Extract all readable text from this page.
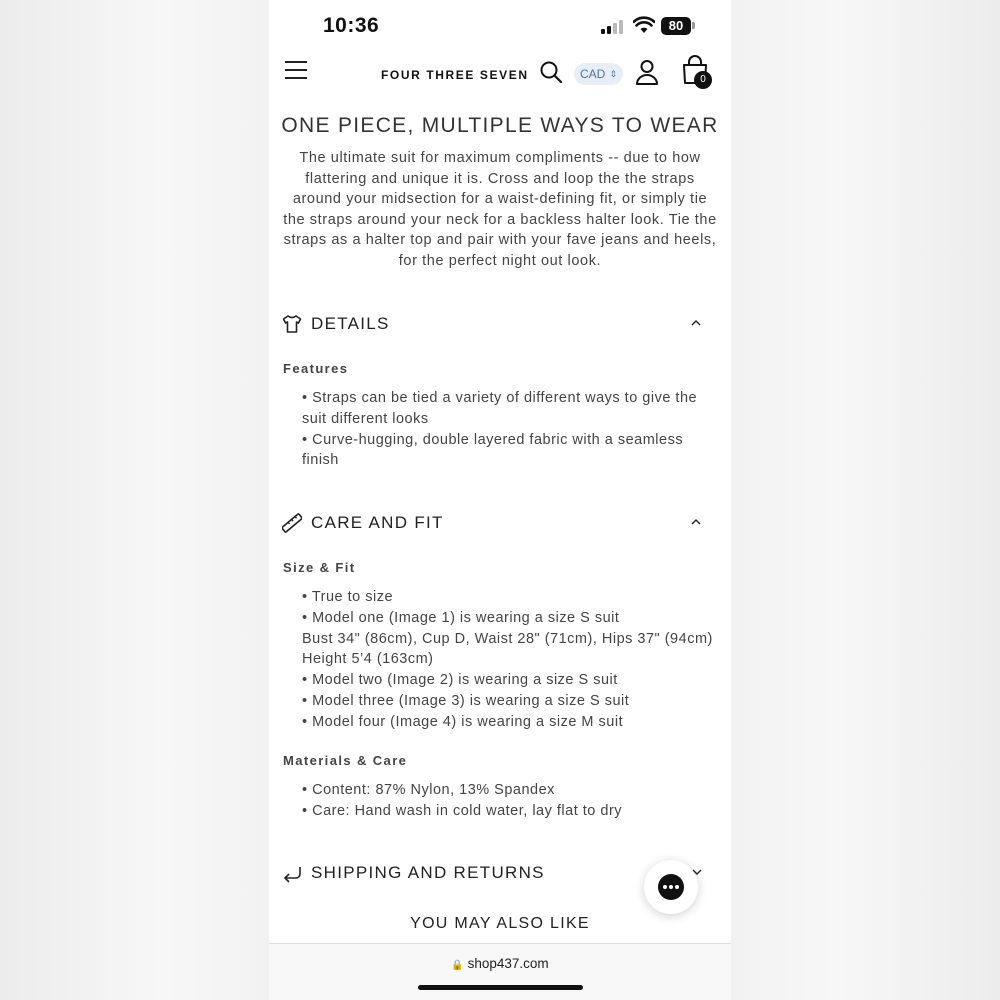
10:36	80
FOUR THREE SEVEN	CAD ⇕	0
ONE PIECE, MULTIPLE WAYS TO WEAR
The ultimate suit for maximum compliments -- due to how flattering and unique it is. Cross and loop the the straps around your midsection for a waist-defining fit, or simply tie the straps around your neck for a backless halter look. Tie the straps as a halter top and pair with your fave jeans and heels, for the perfect night out look.
DETAILS
Features
• Straps can be tied a variety of different ways to give the
suit different looks
• Curve-hugging, double layered fabric with a seamless
finish
CARE AND FIT
Size & Fit
• True to size
• Model one (Image 1) is wearing a size S suit
Bust 34" (86cm), Cup D, Waist 28" (71cm), Hips 37" (94cm)
Height 5’4 (163cm)
• Model two (Image 2) is wearing a size S suit
• Model three (Image 3) is wearing a size S suit
• Model four (Image 4) is wearing a size M suit
Materials & Care
• Content: 87% Nylon, 13% Spandex
• Care: Hand wash in cold water, lay flat to dry
SHIPPING AND RETURNS
YOU MAY ALSO LIKE
🔒 shop437.com
